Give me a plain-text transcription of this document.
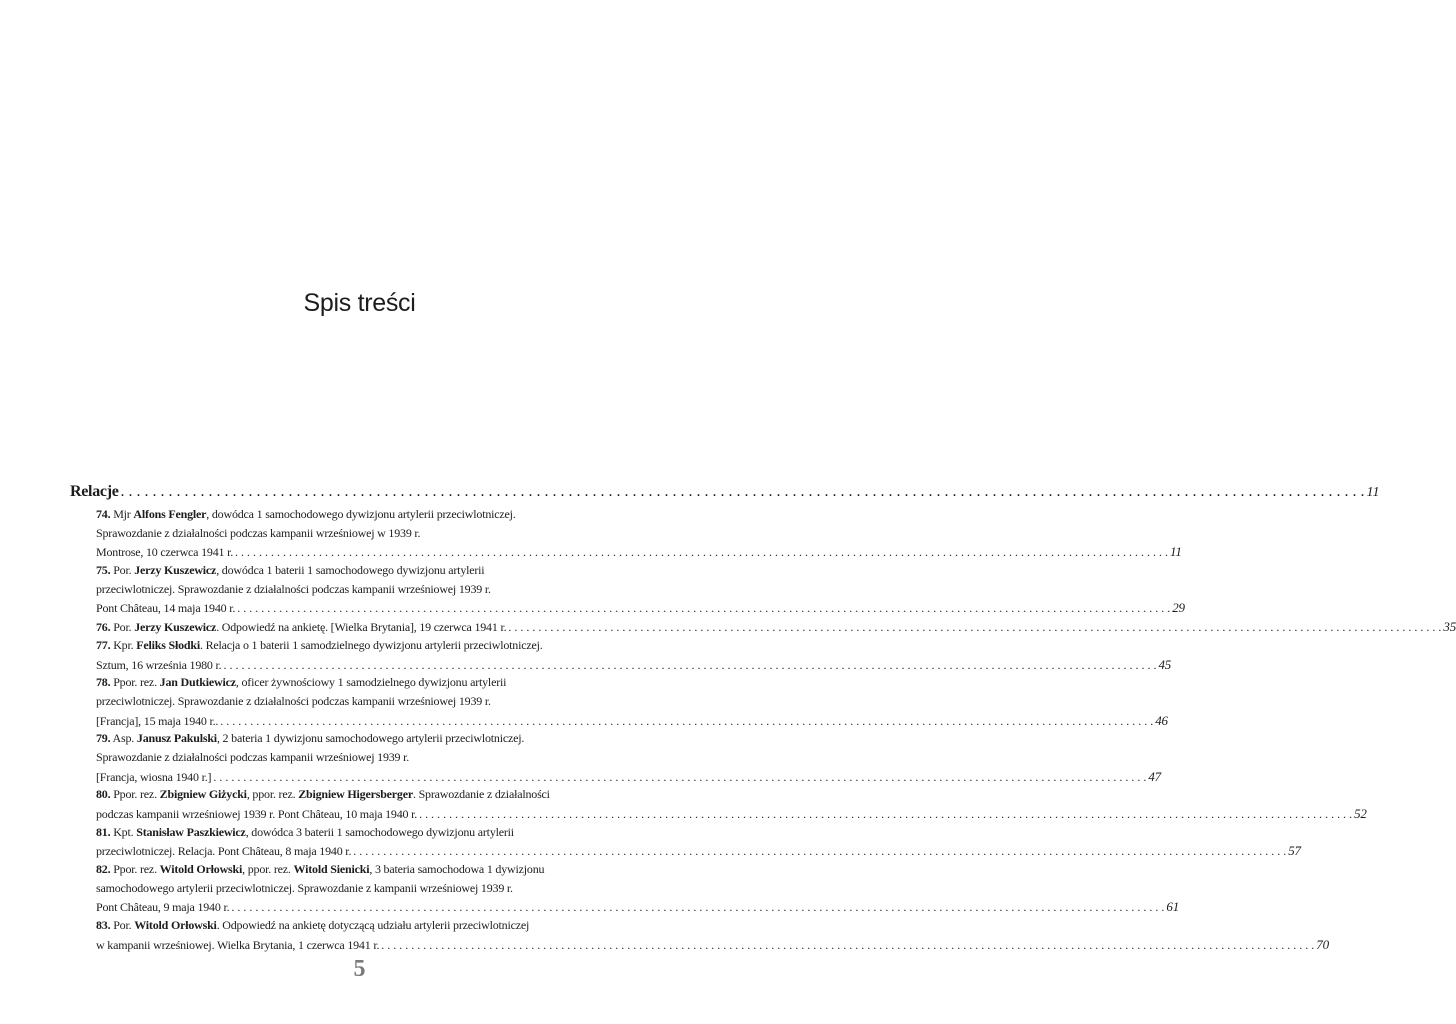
Spis treści
Relacje . . .	11
74. Mjr Alfons Fengler, dowódca 1 samochodowego dywizjonu artylerii przeciwlotniczej.
Sprawozdanie z działalności podczas kampanii wrześniowej w 1939 r.
Montrose, 10 czerwca 1941 r. . . .	11
75. Por. Jerzy Kuszewicz, dowódca 1 baterii 1 samochodowego dywizjonu artylerii
przeciwlotniczej. Sprawozdanie z działalności podczas kampanii wrześniowej 1939 r.
Pont Château, 14 maja 1940 r. . . .	29
76. Por. Jerzy Kuszewicz. Odpowiedź na ankietę. [Wielka Brytania], 19 czerwca 1941 r. . . .	35
77. Kpr. Feliks Słodki. Relacja o 1 baterii 1 samodzielnego dywizjonu artylerii przeciwlotniczej.
Sztum, 16 września 1980 r. . . .	45
78. Ppor. rez. Jan Dutkiewicz, oficer żywnościowy 1 samodzielnego dywizjonu artylerii
przeciwlotniczej. Sprawozdanie z działalności podczas kampanii wrześniowej 1939 r.
[Francja], 15 maja 1940 r.. . . .	46
79. Asp. Janusz Pakulski, 2 bateria 1 dywizjonu samochodowego artylerii przeciwlotniczej.
Sprawozdanie z działalności podczas kampanii wrześniowej 1939 r.
[Francja, wiosna 1940 r.] . . .	47
80. Ppor. rez. Zbigniew Giżycki, ppor. rez. Zbigniew Higersberger. Sprawozdanie z działalności
podczas kampanii wrześniowej 1939 r. Pont Château, 10 maja 1940 r. . . .	52
81. Kpt. Stanisław Paszkiewicz, dowódca 3 baterii 1 samochodowego dywizjonu artylerii
przeciwlotniczej. Relacja. Pont Château, 8 maja 1940 r. . . .	57
82. Ppor. rez. Witold Orłowski, ppor. rez. Witold Sienicki, 3 bateria samochodowa 1 dywizjonu
samochodowego artylerii przeciwlotniczej. Sprawozdanie z kampanii wrześniowej 1939 r.
Pont Château, 9 maja 1940 r. . . .	61
83. Por. Witold Orłowski. Odpowiedź na ankietę dotyczącą udziału artylerii przeciwlotniczej
w kampanii wrześniowej. Wielka Brytania, 1 czerwca 1941 r. . . .	70
5
